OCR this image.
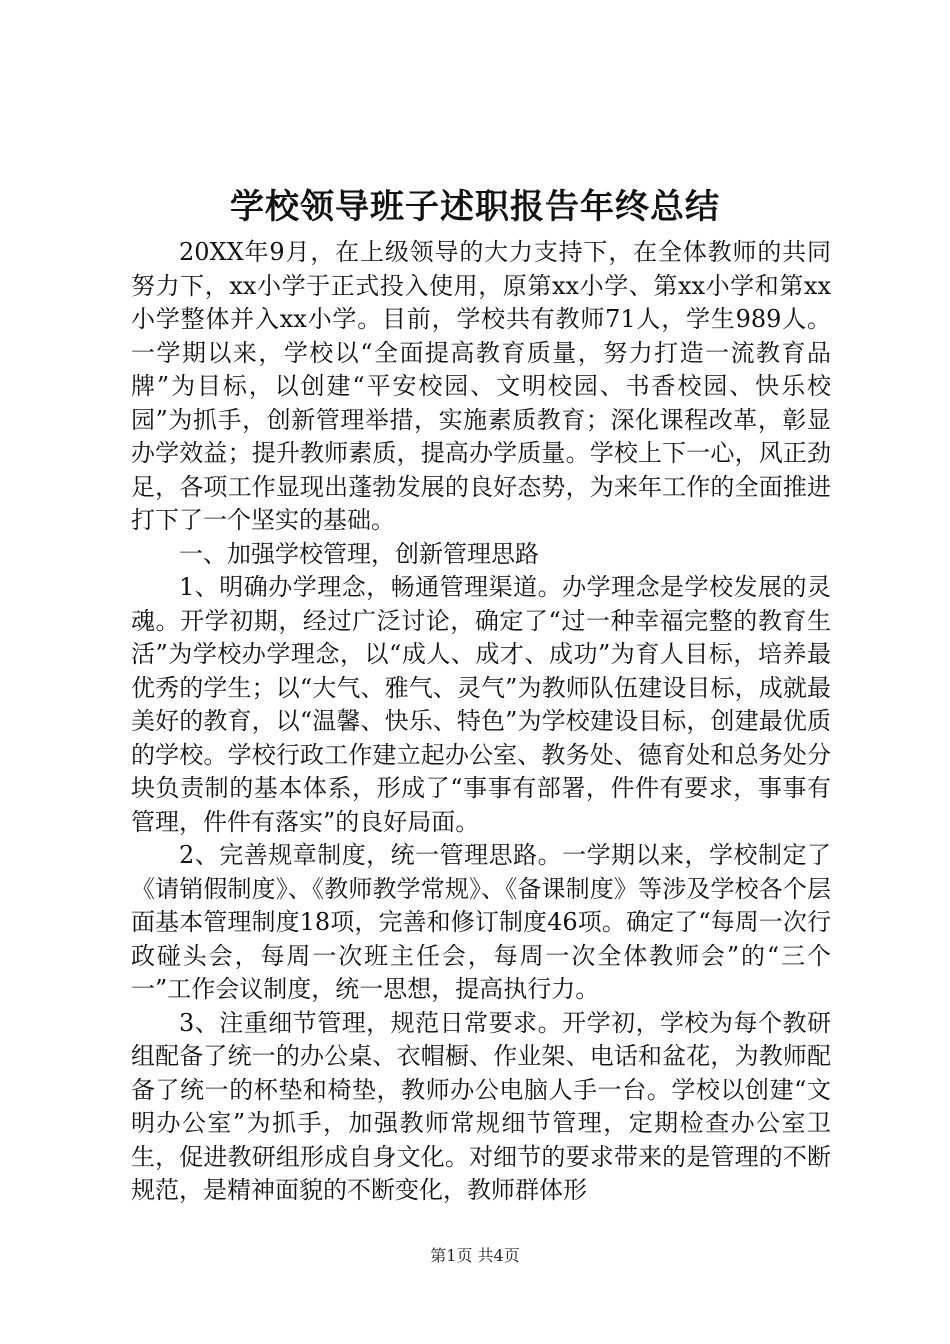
学校领导班子述职报告年终总结

20XX年9月，在上级领导的大力支持下，在全体教师的共同努力下，xx小学于正式投入使用，原第xx小学、第xx小学和第xx小学整体并入xx小学。目前，学校共有教师71人，学生989人。一学期以来，学校以“全面提高教育质量，努力打造一流教育品牌”为目标，以创建“平安校园、文明校园、书香校园、快乐校园”为抓手，创新管理举措，实施素质教育；深化课程改革，彰显办学效益；提升教师素质，提高办学质量。学校上下一心，风正劲足，各项工作显现出蓬勃发展的良好态势，为来年工作的全面推进打下了一个坚实的基础。

一、加强学校管理，创新管理思路

1、明确办学理念，畅通管理渠道。办学理念是学校发展的灵魂。开学初期，经过广泛讨论，确定了“过一种幸福完整的教育生活”为学校办学理念，以“成人、成才、成功”为育人目标，培养最优秀的学生；以“大气、雅气、灵气”为教师队伍建设目标，成就最美好的教育，以“温馨、快乐、特色”为学校建设目标，创建最优质的学校。学校行政工作建立起办公室、教务处、德育处和总务处分块负责制的基本体系，形成了“事事有部署，件件有要求，事事有管理，件件有落实”的良好局面。

2、完善规章制度，统一管理思路。一学期以来，学校制定了《请销假制度》、《教师教学常规》、《备课制度》等涉及学校各个层面基本管理制度18项，完善和修订制度46项。确定了“每周一次行政碰头会，每周一次班主任会，每周一次全体教师会”的“三个一”工作会议制度，统一思想，提高执行力。

3、注重细节管理，规范日常要求。开学初，学校为每个教研组配备了统一的办公桌、衣帽橱、作业架、电话和盆花，为教师配备了统一的杯垫和椅垫，教师办公电脑人手一台。学校以创建“文明办公室”为抓手，加强教师常规细节管理，定期检查办公室卫生，促进教研组形成自身文化。对细节的要求带来的是管理的不断规范，是精神面貌的不断变化，教师群体形

第1页 共4页
